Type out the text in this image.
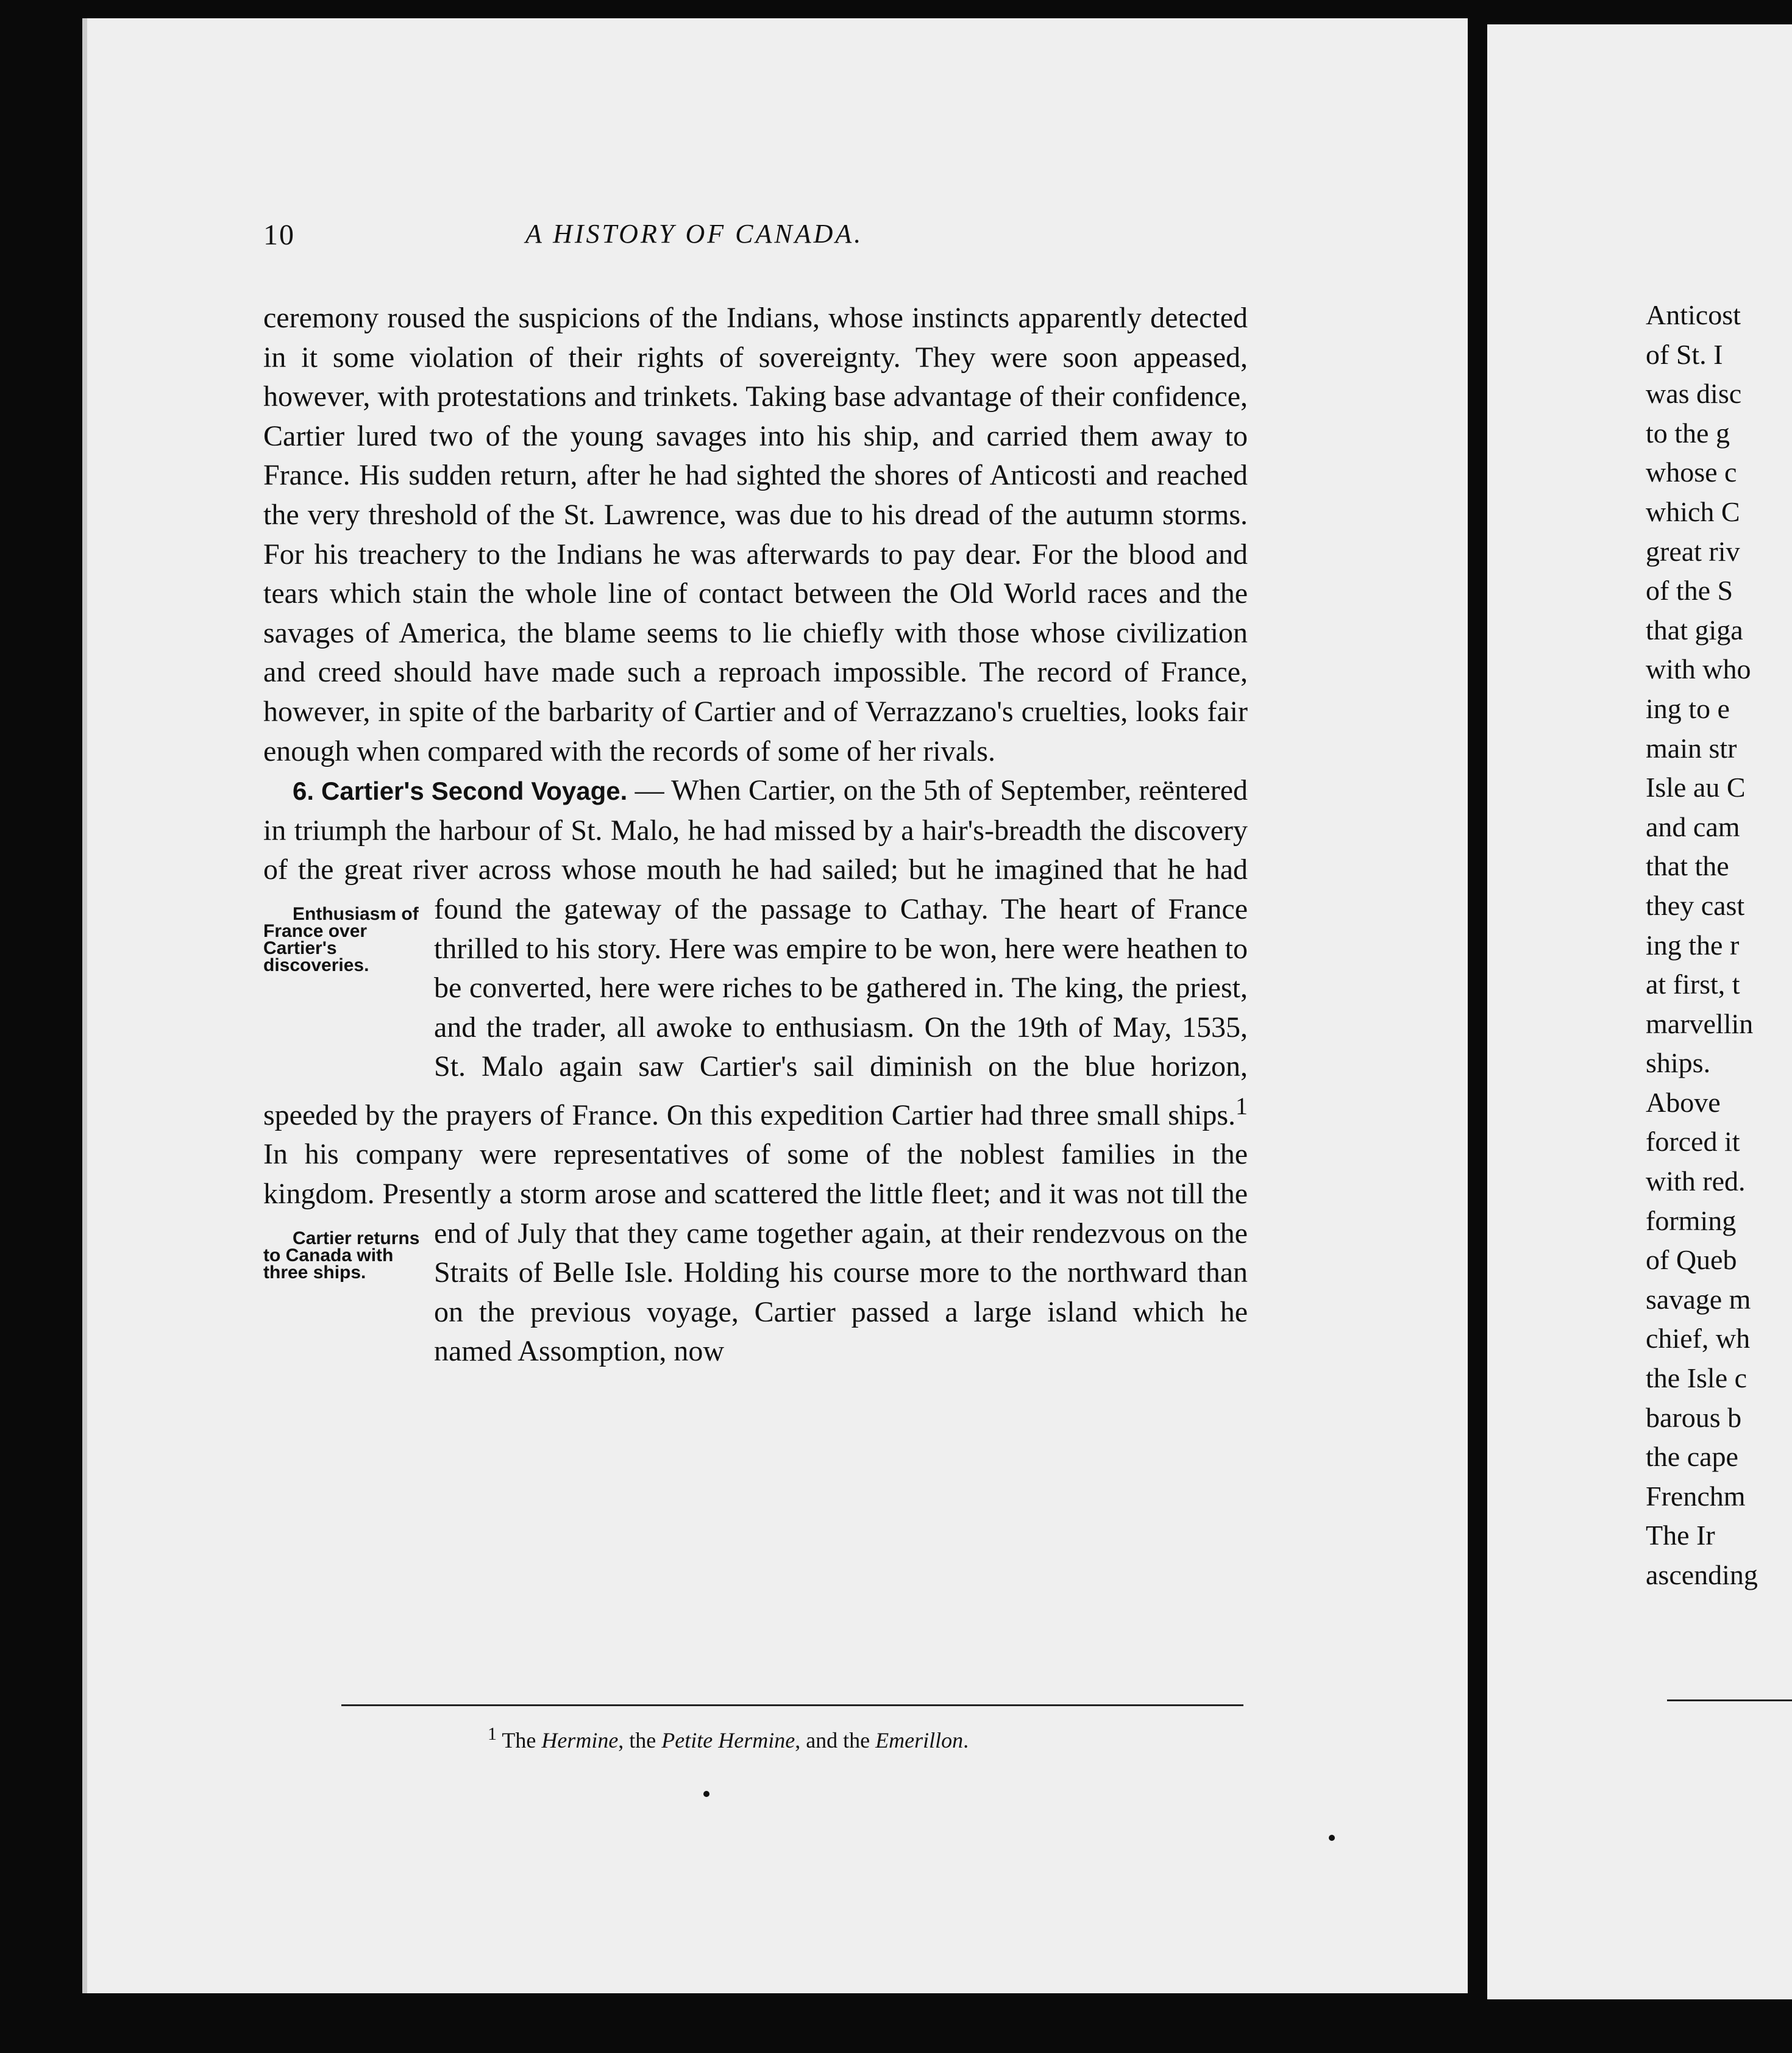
10	A HISTORY OF CANADA.

ceremony roused the suspicions of the Indians, whose instincts apparently detected in it some violation of their rights of sovereignty. They were soon appeased, however, with protestations and trinkets. Taking base advantage of their confidence, Cartier lured two of the young savages into his ship, and carried them away to France. His sudden return, after he had sighted the shores of Anticosti and reached the very threshold of the St. Lawrence, was due to his dread of the autumn storms. For his treachery to the Indians he was afterwards to pay dear. For the blood and tears which stain the whole line of contact between the Old World races and the savages of America, the blame seems to lie chiefly with those whose civilization and creed should have made such a reproach impossible. The record of France, however, in spite of the barbarity of Cartier and of Verrazzano's cruelties, looks fair enough when compared with the records of some of her rivals.

6. Cartier's Second Voyage. — When Cartier, on the 5th of September, reëntered in triumph the harbour of St. Malo, he had missed by a hair's-breadth the discovery of the great river across whose mouth he had sailed; but he imagined that he had found the gateway of the passage to Cathay. The heart of France
Enthusiasm of France over Cartier's discoveries.
thrilled to his story. Here was empire to be won, here were heathen to be converted, here were riches to be gathered in. The king, the priest, and the trader, all awoke to enthusiasm. On the 19th of May, 1535, St. Malo again saw Cartier's sail diminish on the blue horizon, speeded by the prayers of France. On this expedition Cartier had three small ships.$^1$ In his company were representatives of some of the noblest families in the kingdom. Presently a storm arose and scattered the little fleet; and it was not till the end of
Cartier returns to Canada with three ships.
July that they came together again, at their rendezvous on the Straits of Belle Isle. Holding his course more to the northward than on the previous voyage, Cartier passed a large island which he named Assomption, now

$^1$ The Hermine, the Petite Hermine, and the Emerillon.
Anticost
of St. I
was disc
to the g
whose c
which C
great riv
of the S
that giga
with who
ing to e
main str
Isle au C
and cam
that the
they cast
ing the r
at first, t
marvellin
ships.
Above
forced it
with red.
forming
of Queb
savage m
chief, wh
the Isle c
barous b
the cape
Frenchm
The Ir
ascending
